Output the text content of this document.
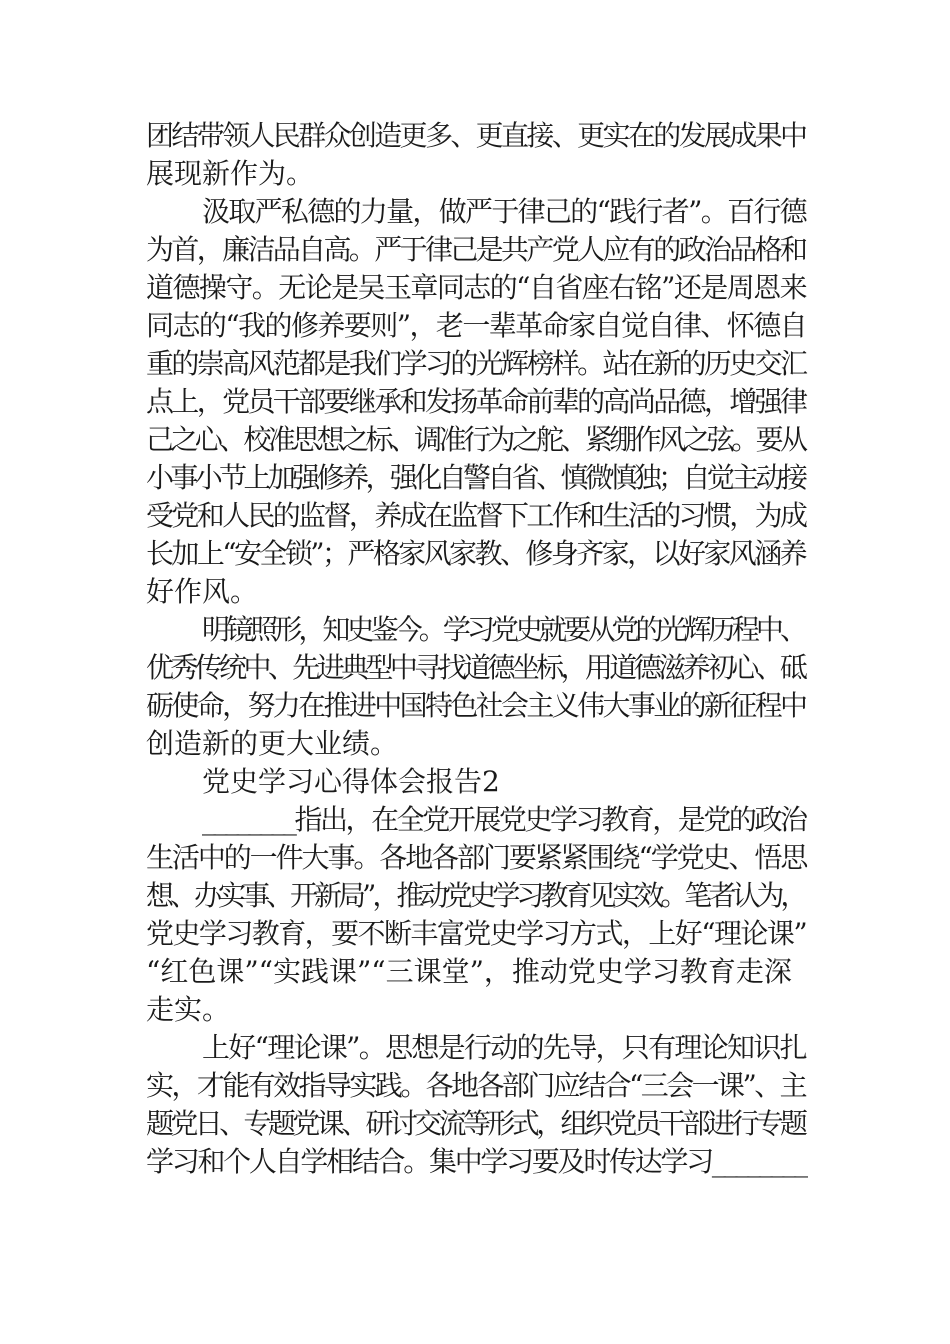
团结带领人民群众创造更多、更直接、更实在的发展成果中
展现新作为。
汲取严私德的力量，做严于律己的“践行者”。百行德
为首，廉洁品自高。严于律己是共产党人应有的政治品格和
道德操守。无论是吴玉章同志的“自省座右铭”还是周恩来
同志的“我的修养要则”，老一辈革命家自觉自律、怀德自
重的崇高风范都是我们学习的光辉榜样。站在新的历史交汇
点上，党员干部要继承和发扬革命前辈的高尚品德，增强律
己之心、校准思想之标、调准行为之舵、紧绷作风之弦。要从
小事小节上加强修养，强化自警自省、慎微慎独；自觉主动接
受党和人民的监督，养成在监督下工作和生活的习惯，为成
长加上“安全锁”；严格家风家教、修身齐家，以好家风涵养
好作风。
明镜照形，知史鉴今。学习党史就要从党的光辉历程中、
优秀传统中、先进典型中寻找道德坐标，用道德滋养初心、砥
砺使命，努力在推进中国特色社会主义伟大事业的新征程中
创造新的更大业绩。
党史学习心得体会报告2
________指出，在全党开展党史学习教育，是党的政治
生活中的一件大事。各地各部门要紧紧围绕“学党史、悟思
想、办实事、开新局”，推动党史学习教育见实效。笔者认为，
党史学习教育，要不断丰富党史学习方式，上好“理论课”
“红色课”“实践课”“三课堂”，推动党史学习教育走深
走实。
上好“理论课”。思想是行动的先导，只有理论知识扎
实，才能有效指导实践。各地各部门应结合“三会一课”、主
题党日、专题党课、研讨交流等形式，组织党员干部进行专题
学习和个人自学相结合。集中学习要及时传达学习________
